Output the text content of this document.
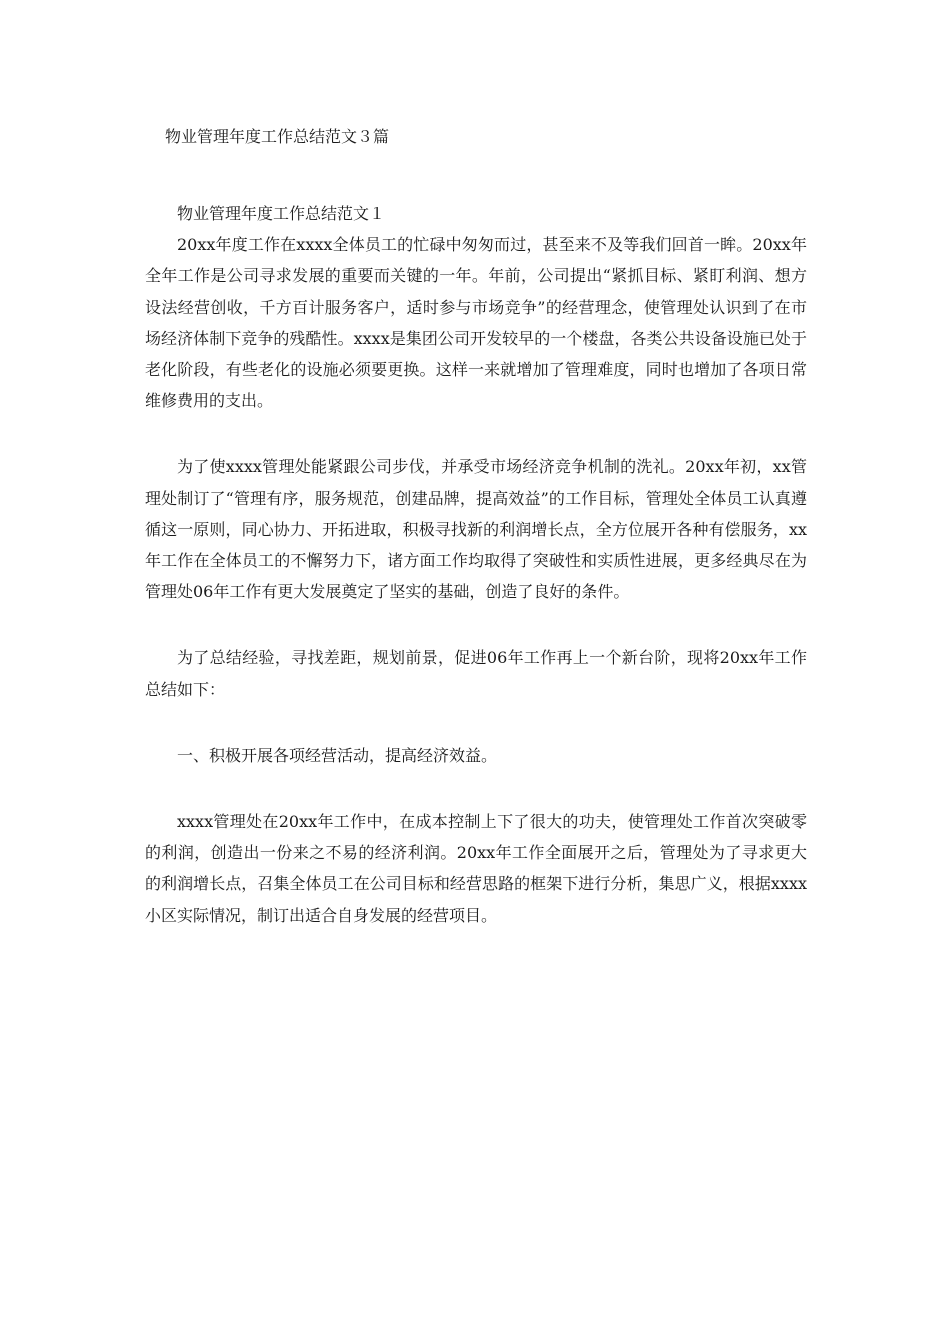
物业管理年度工作总结范文３篇

物业管理年度工作总结范文１

20xx年度工作在xxxx全体员工的忙碌中匆匆而过，甚至来不及等我们回首一眸。20xx年全年工作是公司寻求发展的重要而关键的一年。年前，公司提出“紧抓目标、紧盯利润、想方设法经营创收，千方百计服务客户，适时参与市场竞争”的经营理念，使管理处认识到了在市场经济体制下竞争的残酷性。xxxx是集团公司开发较早的一个楼盘，各类公共设备设施已处于老化阶段，有些老化的设施必须要更换。这样一来就增加了管理难度，同时也增加了各项日常维修费用的支出。

为了使xxxx管理处能紧跟公司步伐，并承受市场经济竞争机制的洗礼。20xx年初，xx管理处制订了“管理有序，服务规范，创建品牌，提高效益”的工作目标，管理处全体员工认真遵循这一原则，同心协力、开拓进取，积极寻找新的利润增长点，全方位展开各种有偿服务，xx年工作在全体员工的不懈努力下，诸方面工作均取得了突破性和实质性进展，更多经典尽在为管理处06年工作有更大发展奠定了坚实的基础，创造了良好的条件。

为了总结经验，寻找差距，规划前景，促进06年工作再上一个新台阶，现将20xx年工作总结如下：

一、积极开展各项经营活动，提高经济效益。

xxxx管理处在20xx年工作中，在成本控制上下了很大的功夫，使管理处工作首次突破零的利润，创造出一份来之不易的经济利润。20xx年工作全面展开之后，管理处为了寻求更大的利润增长点，召集全体员工在公司目标和经营思路的框架下进行分析，集思广义，根据xxxx小区实际情况，制订出适合自身发展的经营项目。
